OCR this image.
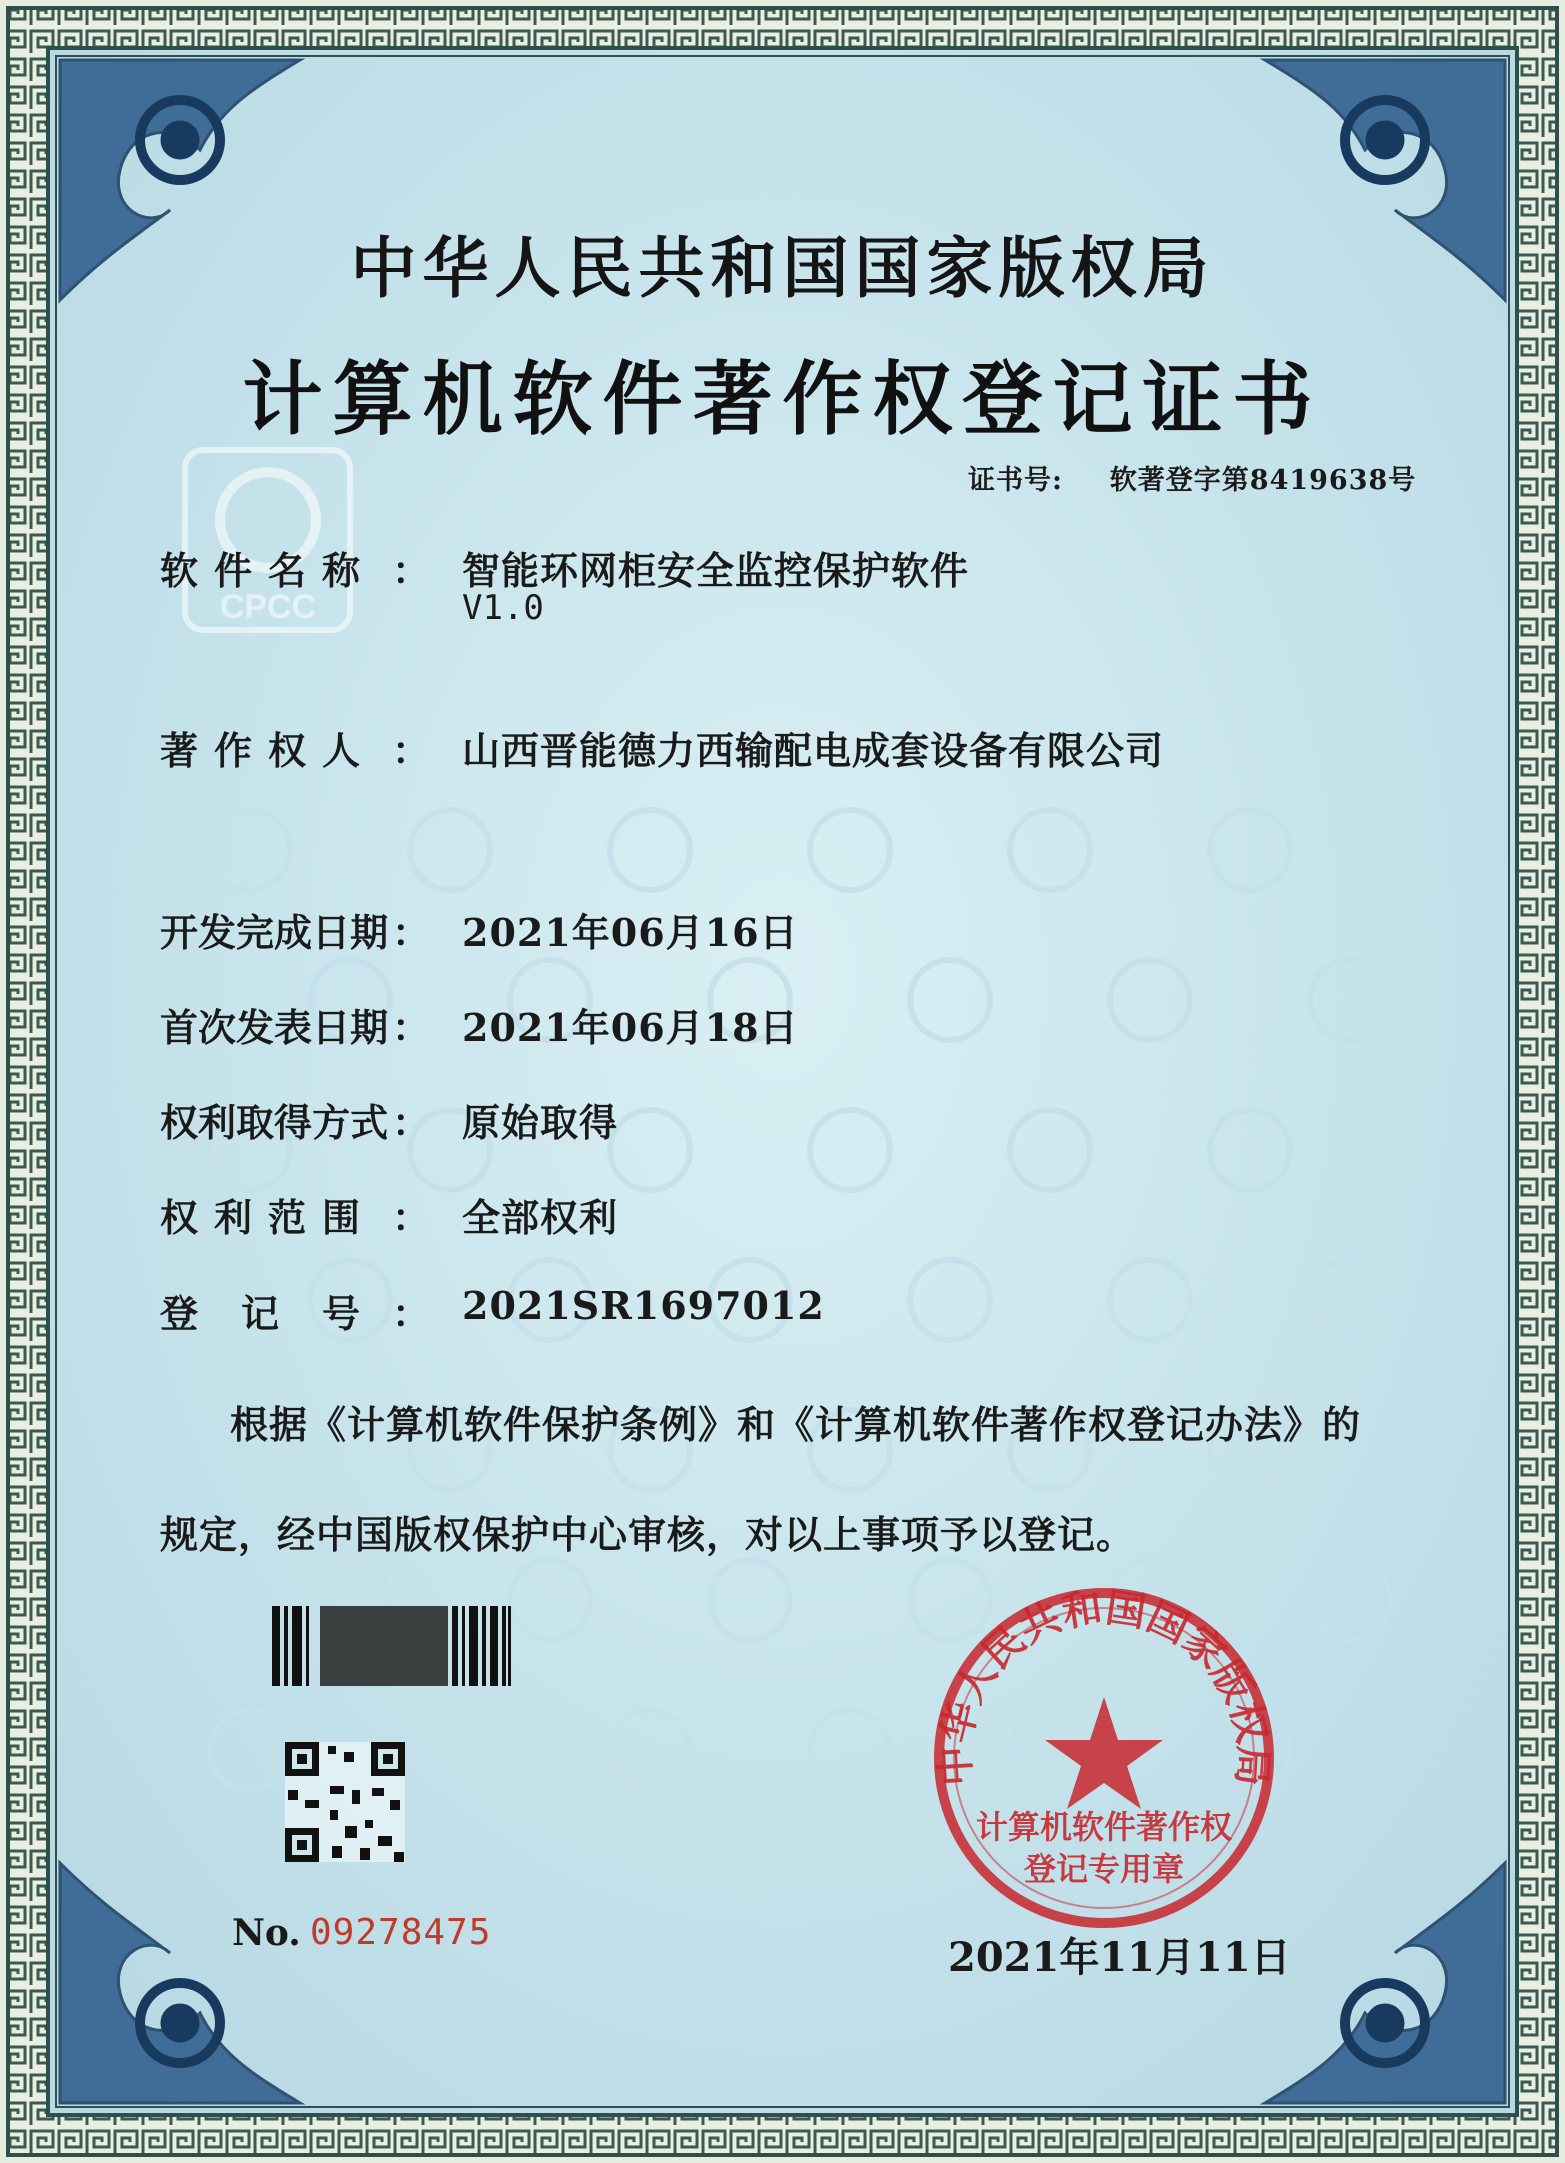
CPCC
中华人民共和国国家版权局
计算机软件著作权登记证书
证书号: 软著登字第8419638号
软 件 名 称 ： 智能环网柜安全监控保护软件
V1.0
著 作 权 人 ： 山西晋能德力西输配电成套设备有限公司
开 发 完 成 日 期 ： 2021年06月16日
首 次 发 表 日 期 ： 2021年06月18日
权 利 取 得 方 式 ： 原始取得
权 利 范 围 ： 全部权利
登 记 号 ： 2021SR1697012
根据《计算机软件保护条例》和《计算机软件著作权登记办法》的
规定，经中国版权保护中心审核，对以上事项予以登记。
No. 09278475
中华人民共和国国家版权局
计算机软件著作权
登记专用章
2021年11月11日
